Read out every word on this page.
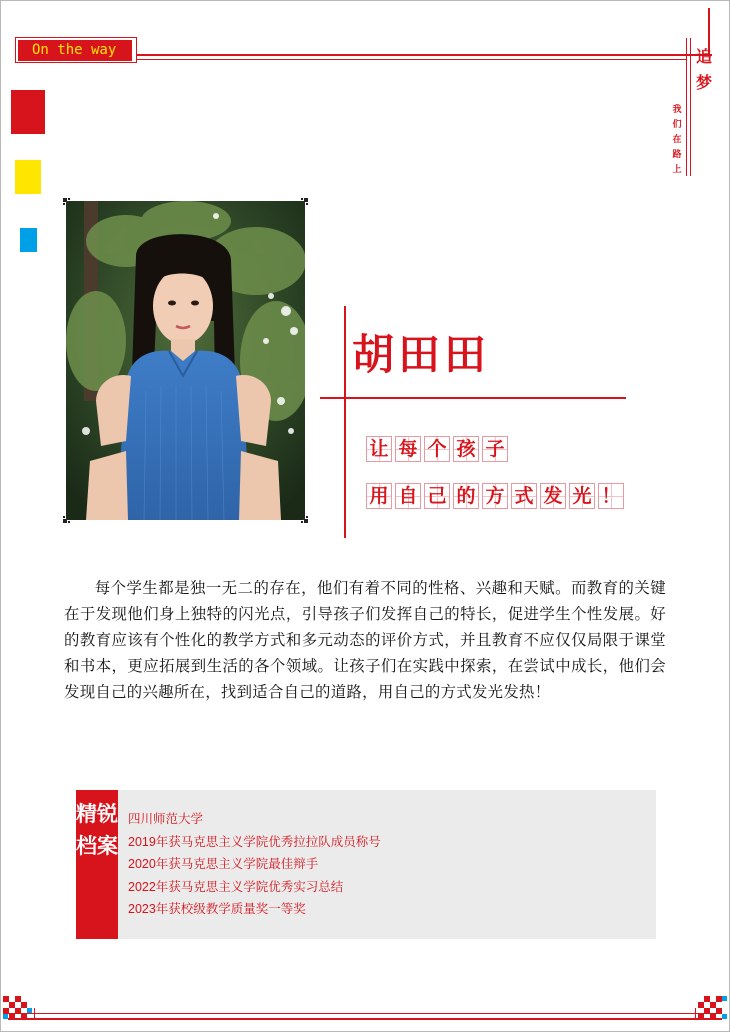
On the way	追梦
我们在路上
胡田田
让 每 个 孩 子
用 自 己 的 方 式 发 光 ！

每个学生都是独一无二的存在，他们有着不同的性格、兴趣和天赋。而教育的关键在于发现他们身上独特的闪光点，引导孩子们发挥自己的特长，促进学生个性发展。好的教育应该有个性化的教学方式和多元动态的评价方式，并且教育不应仅仅局限于课堂和书本，更应拓展到生活的各个领域。让孩子们在实践中探索，在尝试中成长，他们会发现自己的兴趣所在，找到适合自己的道路，用自己的方式发光发热！

精锐档案
四川师范大学
2019年获马克思主义学院优秀拉拉队成员称号
2020年获马克思主义学院最佳辩手
2022年获马克思主义学院优秀实习总结
2023年获校级教学质量奖一等奖
